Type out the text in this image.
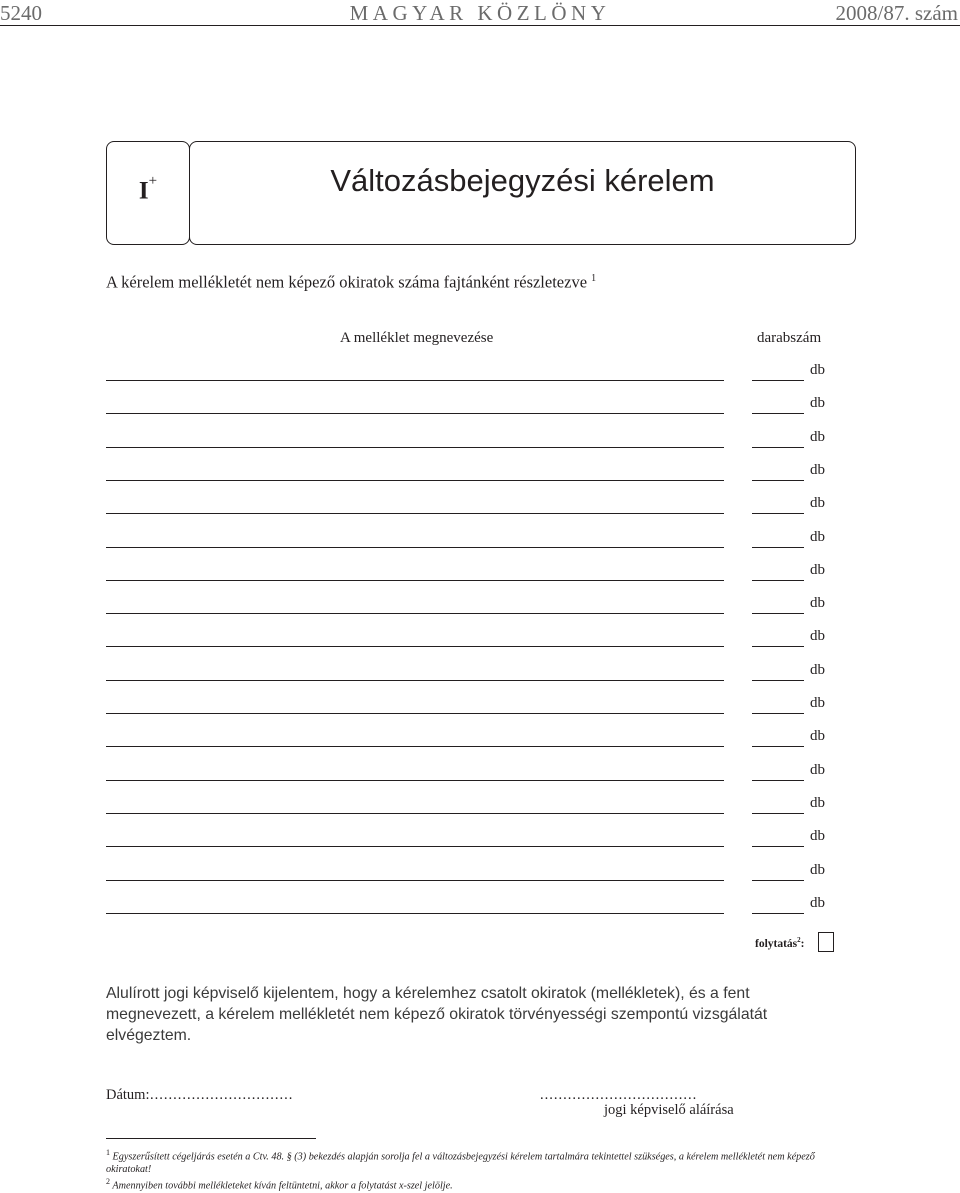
5240	MAGYAR KÖZLÖNY	2008/87. szám
I+	Változásbejegyzési kérelem
A kérelem mellékletét nem képező okiratok száma fajtánként részletezve $^1$
A melléklet megnevezése	darabszám
db
db
db
db
db
db
db
db
db
db
db
db
db
db
db
db
db
folytatás$^2$:
Alulírott jogi képviselő kijelentem, hogy a kérelemhez csatolt okiratok (mellékletek), és a fent megnevezett, a kérelem mellékletét nem képező okiratok törvényességi szempontú vizsgálatát elvégeztem.
Dátum: ...............................	..................................
jogi képviselő aláírása
$^1$ Egyszerűsített cégeljárás esetén a Ctv. 48. § (3) bekezdés alapján sorolja fel a változásbejegyzési kérelem tartalmára tekintettel szükséges, a kérelem mellékletét nem képező okiratokat!
$^2$ Amennyiben további mellékleteket kíván feltüntetni, akkor a folytatást x-szel jelölje.
